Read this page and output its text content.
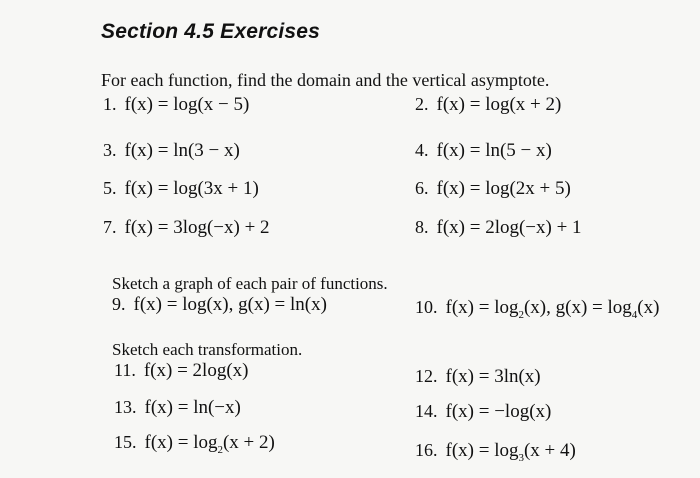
Section 4.5 Exercises
For each function, find the domain and the vertical asymptote.
1. f(x) = log(x − 5)	2. f(x) = log(x + 2)
3. f(x) = ln(3 − x)	4. f(x) = ln(5 − x)
5. f(x) = log(3x + 1)	6. f(x) = log(2x + 5)
7. f(x) = 3log(−x) + 2	8. f(x) = 2log(−x) + 1
Sketch a graph of each pair of functions.
9. f(x) = log(x), g(x) = ln(x)	10. $f(x) = \log_2(x)$, $g(x) = \log_4(x)$
Sketch each transformation.
11. f(x) = 2log(x)	12. f(x) = 3ln(x)
13. f(x) = ln(−x)	14. f(x) = −log(x)
15. $f(x) = \log_2(x + 2)$	16. $f(x) = \log_3(x + 4)$
